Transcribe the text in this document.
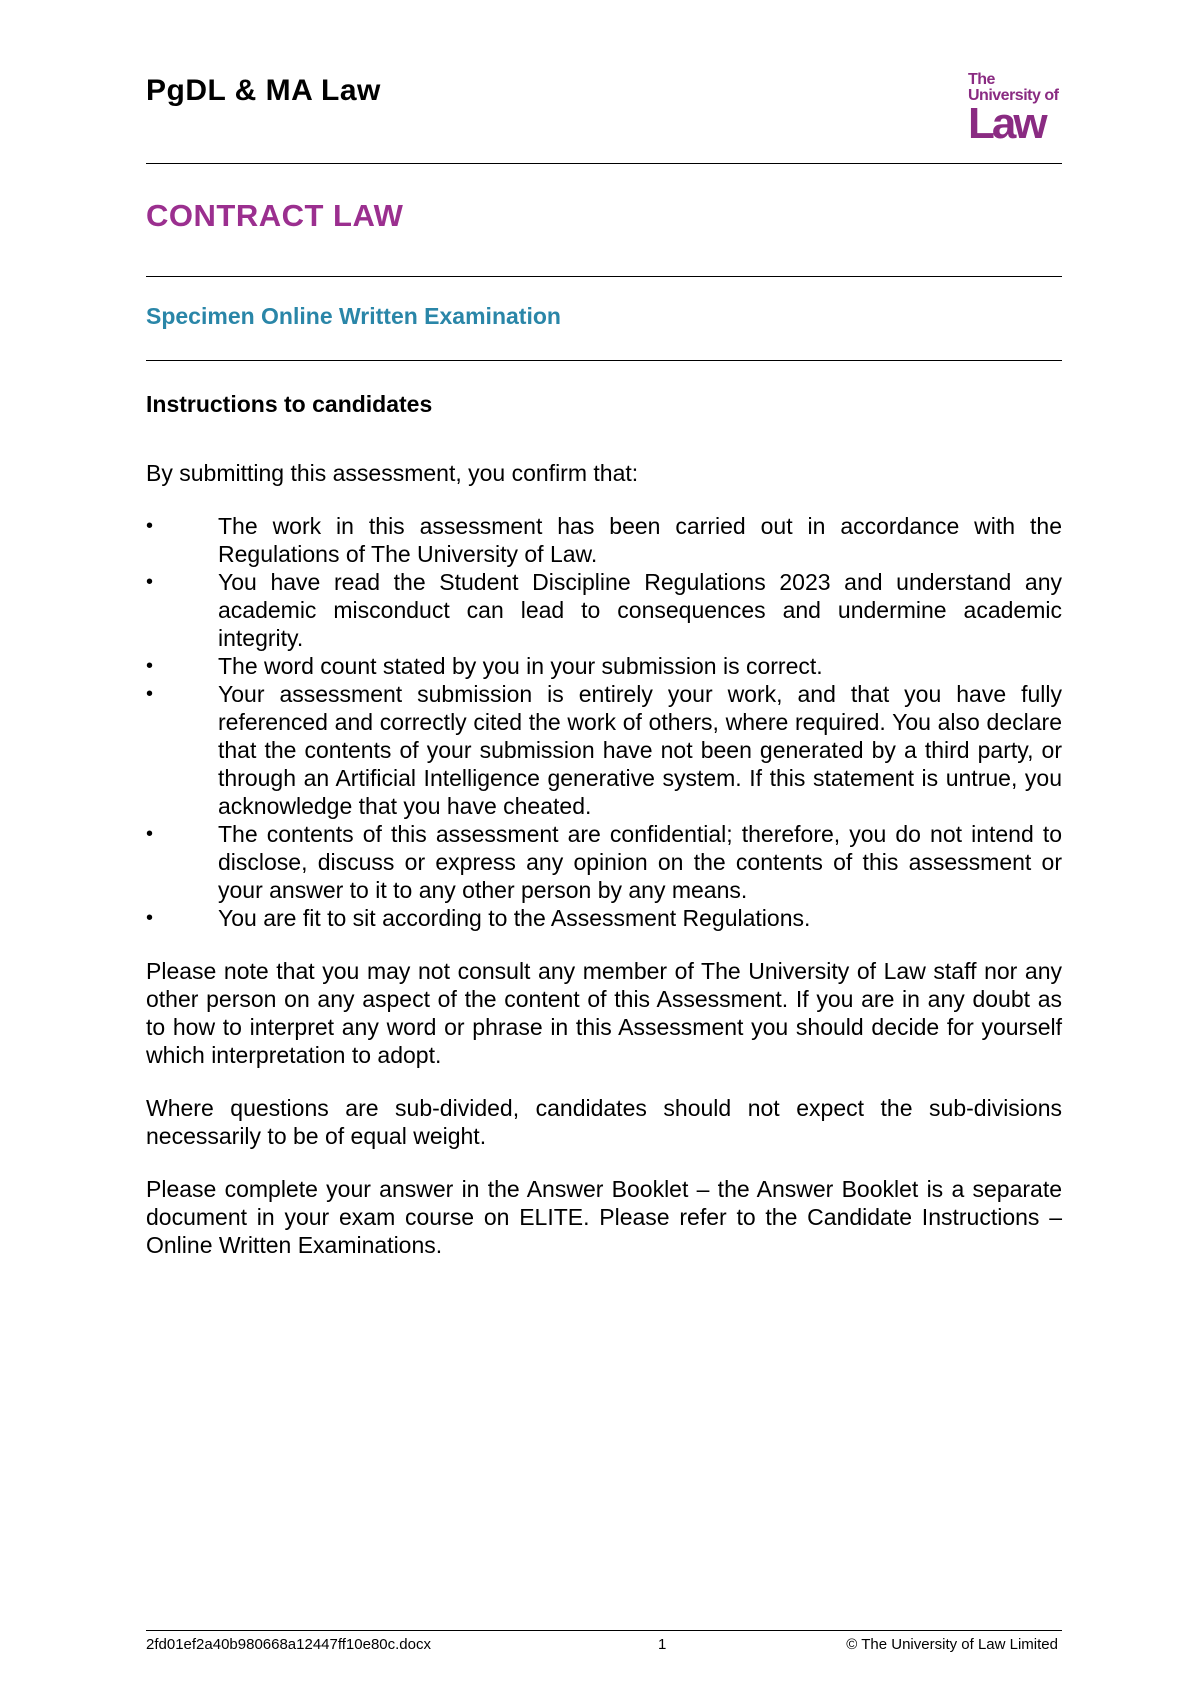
PgDL & MA Law	The
University of
Law
CONTRACT LAW
Specimen Online Written Examination
Instructions to candidates
By submitting this assessment, you confirm that:
•	The work in this assessment has been carried out in accordance with the Regulations of The University of Law.
•	You have read the Student Discipline Regulations 2023 and understand any academic misconduct can lead to consequences and undermine academic integrity.
•	The word count stated by you in your submission is correct.
•	Your assessment submission is entirely your work, and that you have fully referenced and correctly cited the work of others, where required. You also declare that the contents of your submission have not been generated by a third party, or through an Artificial Intelligence generative system. If this statement is untrue, you acknowledge that you have cheated.
•	The contents of this assessment are confidential; therefore, you do not intend to disclose, discuss or express any opinion on the contents of this assessment or your answer to it to any other person by any means.
•	You are fit to sit according to the Assessment Regulations.

Please note that you may not consult any member of The University of Law staff nor any other person on any aspect of the content of this Assessment. If you are in any doubt as to how to interpret any word or phrase in this Assessment you should decide for yourself which interpretation to adopt.

Where questions are sub-divided, candidates should not expect the sub-divisions necessarily to be of equal weight.

Please complete your answer in the Answer Booklet – the Answer Booklet is a separate document in your exam course on ELITE. Please refer to the Candidate Instructions – Online Written Examinations.

2fd01ef2a40b980668a12447ff10e80c.docx	1	© The University of Law Limited
